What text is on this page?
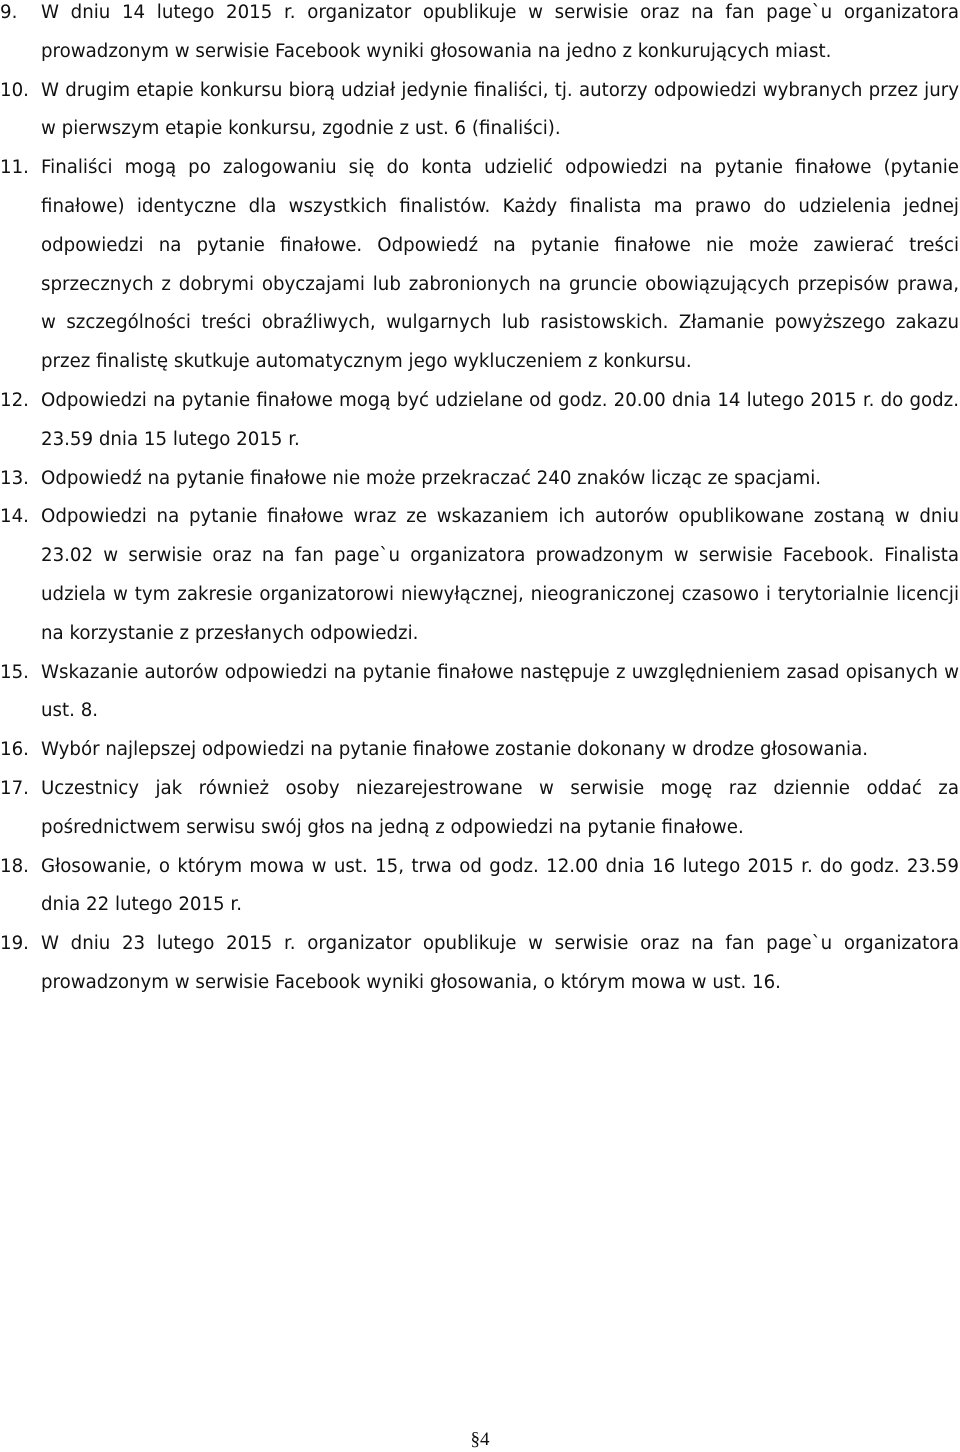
9.	W dniu 14 lutego 2015 r. organizator opublikuje w serwisie oraz na fan page`u organizatora prowadzonym w serwisie Facebook wyniki głosowania na jedno z konkurujących miast.
10. W drugim etapie konkursu biorą udział jedynie finaliści, tj. autorzy odpowiedzi wybranych przez jury w pierwszym etapie konkursu, zgodnie z ust. 6 (finaliści).
11. Finaliści mogą po zalogowaniu się do konta udzielić odpowiedzi na pytanie finałowe (pytanie finałowe) identyczne dla wszystkich finalistów. Każdy finalista ma prawo do udzielenia jednej odpowiedzi na pytanie finałowe. Odpowiedź na pytanie finałowe nie może zawierać treści sprzecznych z dobrymi obyczajami lub zabronionych na gruncie obowiązujących przepisów prawa, w szczególności treści obraźliwych, wulgarnych lub rasistowskich. Złamanie powyższego zakazu przez finalistę skutkuje automatycznym jego wykluczeniem z konkursu.
12. Odpowiedzi na pytanie finałowe mogą być udzielane od godz. 20.00 dnia 14 lutego 2015 r. do godz. 23.59 dnia 15 lutego 2015 r.
13. Odpowiedź na pytanie finałowe nie może przekraczać 240 znaków licząc ze spacjami.
14. Odpowiedzi na pytanie finałowe wraz ze wskazaniem ich autorów opublikowane zostaną w dniu 23.02 w serwisie oraz na fan page`u organizatora prowadzonym w serwisie Facebook. Finalista udziela w tym zakresie organizatorowi niewyłącznej, nieograniczonej czasowo i terytorialnie licencji na korzystanie z przesłanych odpowiedzi.
15. Wskazanie autorów odpowiedzi na pytanie finałowe następuje z uwzględnieniem zasad opisanych w ust. 8.
16. Wybór najlepszej odpowiedzi na pytanie finałowe zostanie dokonany w drodze głosowania.
17. Uczestnicy jak również osoby niezarejestrowane w serwisie mogę raz dziennie oddać za pośrednictwem serwisu swój głos na jedną z odpowiedzi na pytanie finałowe.
18. Głosowanie, o którym mowa w ust. 15, trwa od godz. 12.00 dnia 16 lutego 2015 r. do godz. 23.59 dnia 22 lutego 2015 r.
19. W dniu 23 lutego 2015 r. organizator opublikuje w serwisie oraz na fan page`u organizatora prowadzonym w serwisie Facebook wyniki głosowania, o którym mowa w ust. 16.
§4
